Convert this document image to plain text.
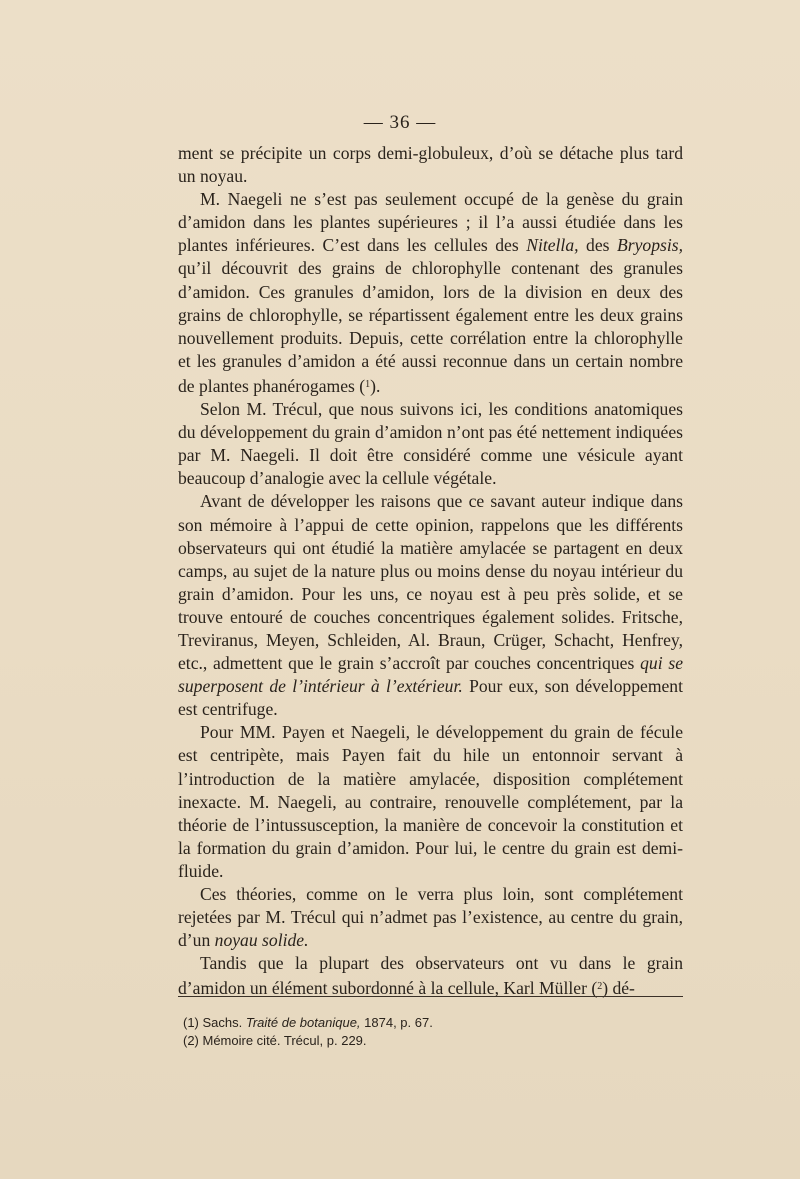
— 36 —

ment se précipite un corps demi-globuleux, d’où se détache plus tard un noyau.

M. Naegeli ne s’est pas seulement occupé de la genèse du grain d’amidon dans les plantes supérieures ; il l’a aussi étudiée dans les plantes inférieures. C’est dans les cellules des Nitella, des Bryopsis, qu’il découvrit des grains de chlorophylle contenant des granules d’amidon. Ces granules d’amidon, lors de la division en deux des grains de chlorophylle, se répartissent également entre les deux grains nouvellement produits. Depuis, cette corrélation entre la chlorophylle et les granules d’amidon a été aussi reconnue dans un certain nombre de plantes phanérogames ($^1$).

Selon M. Trécul, que nous suivons ici, les conditions anatomiques du développement du grain d’amidon n’ont pas été nettement indiquées par M. Naegeli. Il doit être considéré comme une vésicule ayant beaucoup d’analogie avec la cellule végétale.

Avant de développer les raisons que ce savant auteur indique dans son mémoire à l’appui de cette opinion, rappelons que les différents observateurs qui ont étudié la matière amylacée se partagent en deux camps, au sujet de la nature plus ou moins dense du noyau intérieur du grain d’amidon. Pour les uns, ce noyau est à peu près solide, et se trouve entouré de couches concentriques également solides. Fritsche, Treviranus, Meyen, Schleiden, Al. Braun, Crüger, Schacht, Henfrey, etc., admettent que le grain s’accroît par couches concentriques qui se superposent de l’intérieur à l’extérieur. Pour eux, son développement est centrifuge.

Pour MM. Payen et Naegeli, le développement du grain de fécule est centripète, mais Payen fait du hile un entonnoir servant à l’introduction de la matière amylacée, disposition complétement inexacte. M. Naegeli, au contraire, renouvelle complétement, par la théorie de l’intussusception, la manière de concevoir la constitution et la formation du grain d’amidon. Pour lui, le centre du grain est demi-fluide.

Ces théories, comme on le verra plus loin, sont complétement rejetées par M. Trécul qui n’admet pas l’existence, au centre du grain, d’un noyau solide.

Tandis que la plupart des observateurs ont vu dans le grain d’amidon un élément subordonné à la cellule, Karl Müller ($^2$) dé-

(1) Sachs. Traité de botanique, 1874, p. 67.
(2) Mémoire cité. Trécul, p. 229.
